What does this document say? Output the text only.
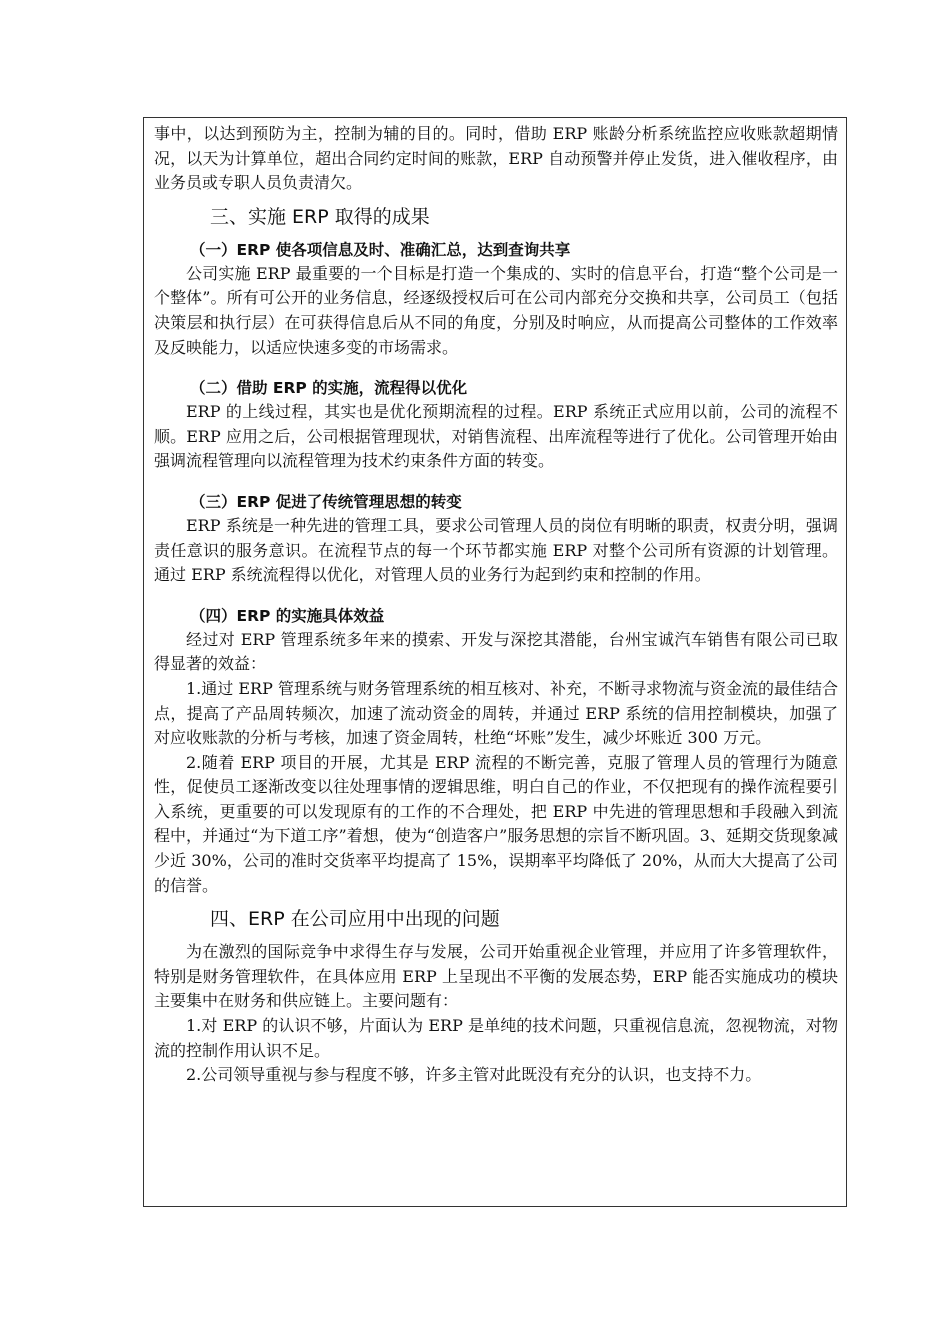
事中，以达到预防为主，控制为辅的目的。同时，借助 ERP 账龄分析系统监控应收账款超期情况，以天为计算单位，超出合同约定时间的账款，ERP 自动预警并停止发货，进入催收程序，由业务员或专职人员负责清欠。

三、实施 ERP 取得的成果
（一）ERP 使各项信息及时、准确汇总，达到查询共享

公司实施 ERP 最重要的一个目标是打造一个集成的、实时的信息平台，打造“整个公司是一个整体”。所有可公开的业务信息，经逐级授权后可在公司内部充分交换和共享，公司员工（包括决策层和执行层）在可获得信息后从不同的角度，分别及时响应，从而提高公司整体的工作效率及反映能力，以适应快速多变的市场需求。

（二）借助 ERP 的实施，流程得以优化

ERP 的上线过程，其实也是优化预期流程的过程。ERP 系统正式应用以前，公司的流程不顺。ERP 应用之后，公司根据管理现状，对销售流程、出库流程等进行了优化。公司管理开始由强调流程管理向以流程管理为技术约束条件方面的转变。

（三）ERP 促进了传统管理思想的转变

ERP 系统是一种先进的管理工具，要求公司管理人员的岗位有明晰的职责，权责分明，强调责任意识的服务意识。在流程节点的每一个环节都实施 ERP 对整个公司所有资源的计划管理。通过 ERP 系统流程得以优化，对管理人员的业务行为起到约束和控制的作用。

（四）ERP 的实施具体效益

经过对 ERP 管理系统多年来的摸索、开发与深挖其潜能，台州宝诚汽车销售有限公司已取得显著的效益：

1.通过 ERP 管理系统与财务管理系统的相互核对、补充，不断寻求物流与资金流的最佳结合点，提高了产品周转频次，加速了流动资金的周转，并通过 ERP 系统的信用控制模块，加强了对应收账款的分析与考核，加速了资金周转，杜绝“坏账”发生，减少坏账近 300 万元。

2.随着 ERP 项目的开展，尤其是 ERP 流程的不断完善，克服了管理人员的管理行为随意性，促使员工逐渐改变以往处理事情的逻辑思维，明白自己的作业，不仅把现有的操作流程要引入系统，更重要的可以发现原有的工作的不合理处，把 ERP 中先进的管理思想和手段融入到流程中，并通过“为下道工序”着想，使为“创造客户”服务思想的宗旨不断巩固。3、延期交货现象减少近 30%，公司的准时交货率平均提高了 15%，误期率平均降低了 20%，从而大大提高了公司的信誉。

四、ERP 在公司应用中出现的问题

为在激烈的国际竞争中求得生存与发展，公司开始重视企业管理，并应用了许多管理软件，特别是财务管理软件，在具体应用 ERP 上呈现出不平衡的发展态势，ERP 能否实施成功的模块主要集中在财务和供应链上。主要问题有：

1.对 ERP 的认识不够，片面认为 ERP 是单纯的技术问题，只重视信息流，忽视物流，对物流的控制作用认识不足。

2.公司领导重视与参与程度不够，许多主管对此既没有充分的认识，也支持不力。
